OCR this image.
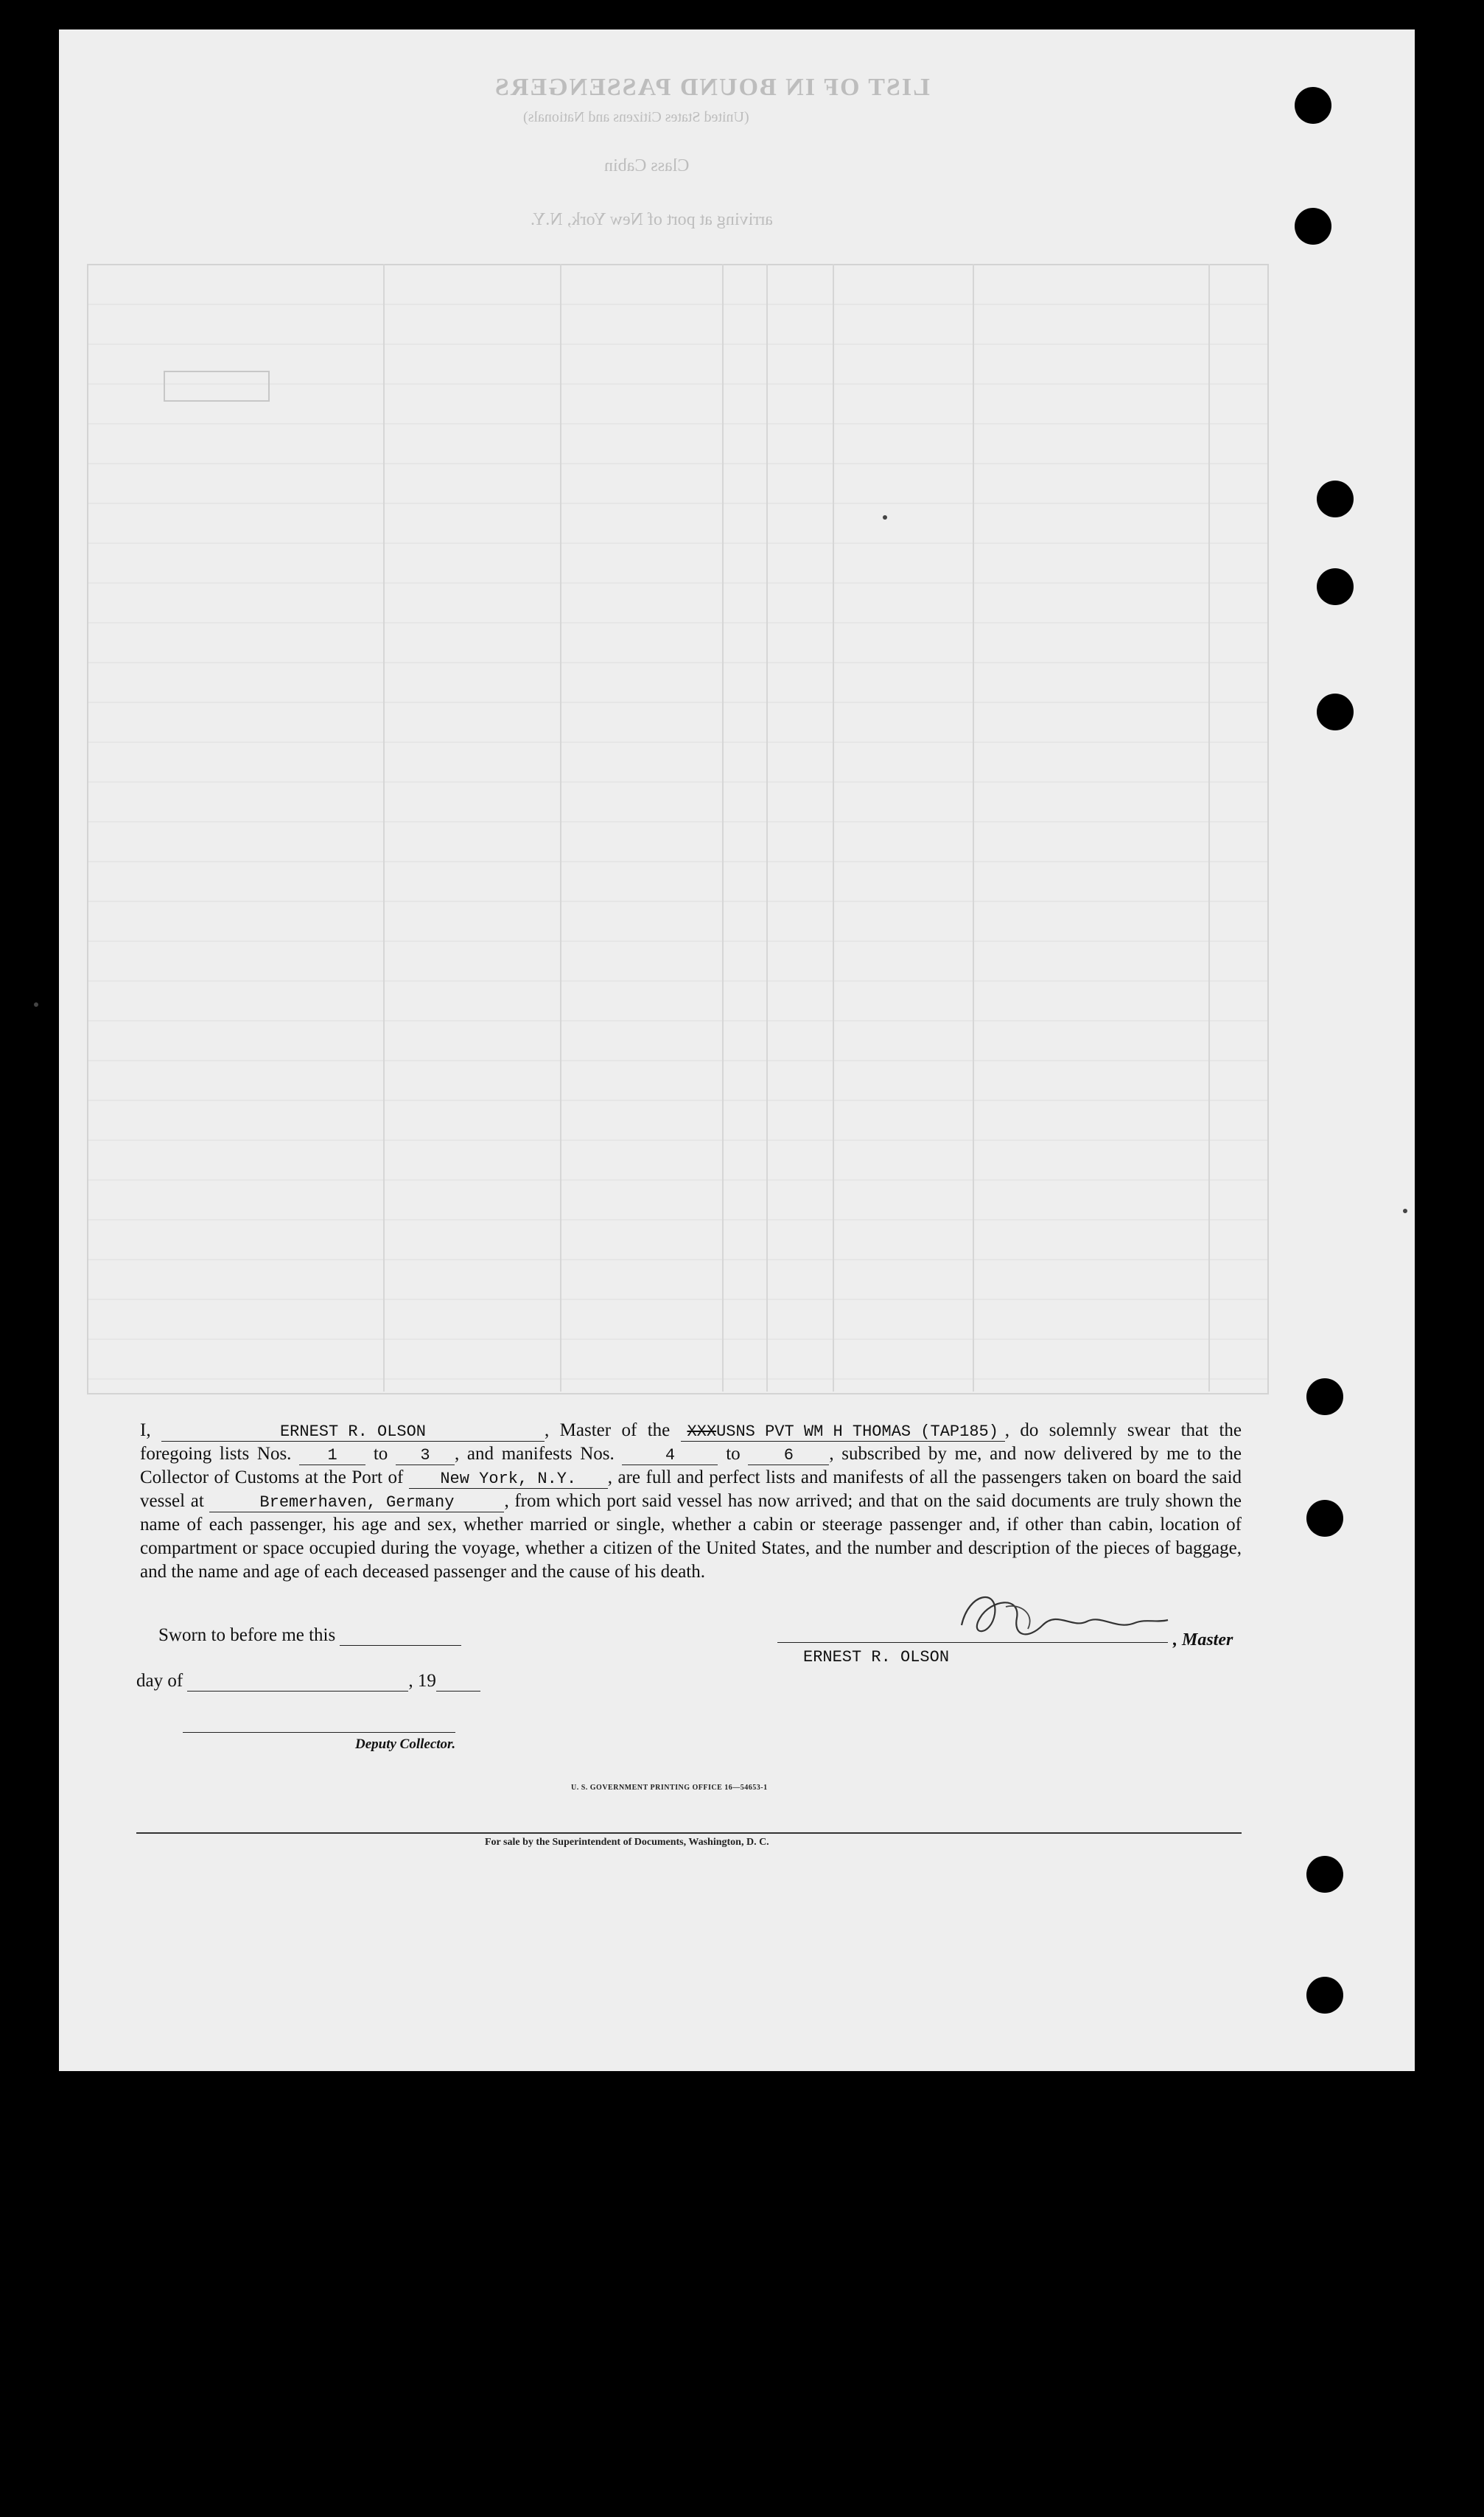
LIST OF IN BOUND PASSENGERS
(United States Citizens and Nationals)
Class Cabin
arriving at port of New York, N.Y.
I,	ERNEST R. OLSON	, Master of the XXXUSNS PVT WM H THOMAS (TAP185) , do solemnly swear that the foregoing lists Nos. 1 to 3 , and manifests Nos.	4	to	6 , subscribed by me, and now delivered by me to the Collector of Customs at the Port of New York, N.Y. , are full and perfect lists and manifests of all the passengers taken on board the said vessel at	Bremerhaven, Germany	, from which port said vessel has now arrived; and that on the said documents are truly shown the name of each passenger, his age and sex, whether married or single, whether a cabin or steerage passenger and, if other than cabin, location of compartment or space occupied during the voyage, whether a citizen of the United States, and the number and description of the pieces of baggage, and the name and age of each deceased passenger and the cause of his death.
ERNEST R. OLSON
, Master
Sworn to before me this
day of	, 19
Deputy Collector.
U. S. GOVERNMENT PRINTING OFFICE 16—54653-1
For sale by the Superintendent of Documents, Washington, D. C.
